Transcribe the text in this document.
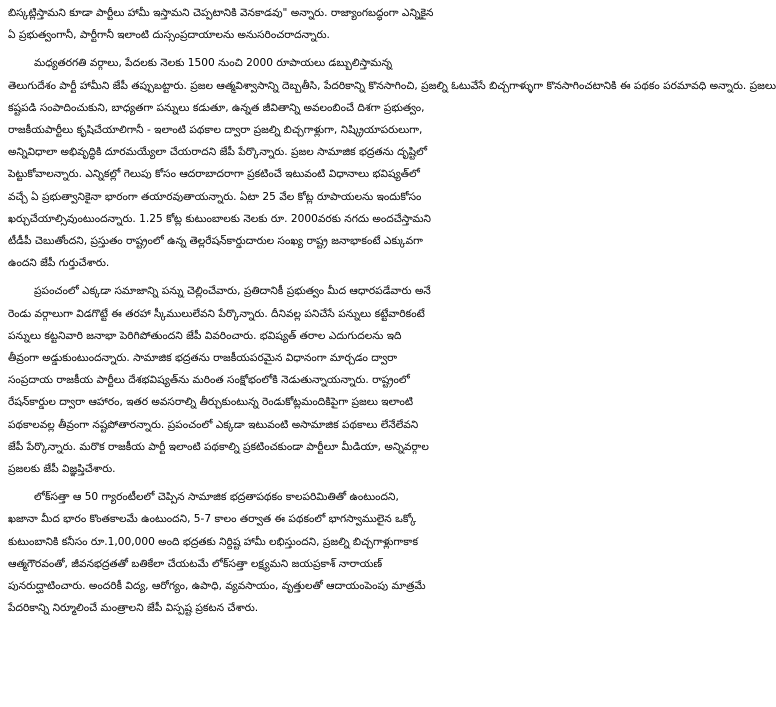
బిస్కట్లిస్తామని కూడా పార్టీలు హామీ ఇస్తామని చెప్పటానికి వెనకాడవు" అన్నారు. రాజ్యాంగబద్ధంగా ఎన్నికైన
ఏ ప్రభుత్వంగానీ, పార్టీగానీ ఇలాంటి దుస్సంప్రదాయాలను అనుసరించరాదన్నారు.
మధ్యతరగతి వర్గాలు, పేదలకు నెలకు 1500 నుంచి 2000 రూపాయలు డబ్బులిస్తామన్న
తెలుగుదేశం పార్టీ హామీని జేపీ తప్పుబట్టారు. ప్రజల ఆత్మవిశ్వాసాన్ని దెబ్బతీసి, పేదరికాన్ని కొనసాగించి, ప్రజల్ని ఓటువేసే బిచ్చగాళ్ళుగా కొనసాగించటానికి ఈ పథకం పరమావధి అన్నారు. ప్రజలు
కష్టపడి సంపాదించుకుని, బాధ్యతగా పన్నులు కడుతూ, ఉన్నత జీవితాన్ని అవలంబించే దిశగా ప్రభుత్వం,
రాజకీయపార్టీలు కృషిచేయాలిగానీ - ఇలాంటి పథకాల ద్వారా ప్రజల్ని బిచ్చగాళ్లుగా, నిష్క్రియాపరులుగా,
అన్నివిధాలా అభివృద్ధికి దూరమయ్యేలా చేయరాదని జేపీ పేర్కొన్నారు. ప్రజల సామాజిక భద్రతను దృష్టిలో
పెట్టుకోవాలన్నారు. ఎన్నికల్లో గెలుపు కోసం ఆదరాబాదరాగా ప్రకటించే ఇటువంటి విధానాలు భవిష్యత్‌లో
వచ్చే ఏ ప్రభుత్వానికైనా భారంగా తయారవుతాయన్నారు. ఏటా 25 వేల కోట్ల రూపాయలను ఇందుకోసం
ఖర్చుచేయాల్సివుంటుందన్నారు. 1.25 కోట్ల కుటుంబాలకు నెలకు రూ. 2000వరకు నగదు అందచేస్తామని
టీడీపీ చెబుతోందని, ప్రస్తుతం రాష్ట్రంలో ఉన్న తెల్లరేషన్‌కార్డుదారుల సంఖ్య రాష్ట్ర జనాభాకంటే ఎక్కువగా
ఉందని జేపీ గుర్తుచేశారు.
ప్రపంచంలో ఎక్కడా సమాజాన్ని పన్ను చెల్లించేవారు, ప్రతిదానికీ ప్రభుత్వం మీద ఆధారపడేవారు అనే
రెండు వర్గాలుగా విడగొట్టే ఈ తరహా స్కీములులేవని పేర్కొన్నారు. దీనివల్ల పనిచేసే పన్నులు కట్టేవారికంటే
పన్నులు కట్టనివారి జనాభా పెరిగిపోతుందని జేపీ వివరించారు. భవిష్యత్ తరాల ఎదుగుదలను ఇది
తీవ్రంగా అడ్డుకుంటుందన్నారు. సామాజిక భద్రతను రాజకీయపరమైన విధానంగా మార్చడం ద్వారా
సంప్రదాయ రాజకీయ పార్టీలు దేశభవిష్యత్‌ను మరింత సంక్షోభంలోకి నెడుతున్నాయన్నారు. రాష్ట్రంలో
రేషన్‌కార్డుల ద్వారా ఆహారం, ఇతర అవసరాల్ని తీర్చుకుంటున్న రెండుకోట్లమందికిపైగా ప్రజలు ఇలాంటి
పథకాలవల్ల తీవ్రంగా నష్టపోతారన్నారు. ప్రపంచంలో ఎక్కడా ఇటువంటి అసామాజిక పథకాలు లేనేలేవని
జేపీ పేర్కొన్నారు. మరొక రాజకీయ పార్టీ ఇలాంటి పథకాల్ని ప్రకటించకుండా పార్టీలూ మీడియా, అన్నివర్గాల
ప్రజలకు జేపీ విజ్ఞప్తిచేశారు.
లోక్‌సత్తా ఆ 50 గ్యారంటీలలో చెప్పిన సామాజిక భద్రతాపథకం కాలపరిమితితో ఉంటుందని,
ఖజానా మీద భారం కొంతకాలమే ఉంటుందని, 5-7 కాలం తర్వాత ఈ పథకంలో భాగస్వాములైన ఒక్కో
కుటుంబానికి కనీసం రూ.1,00,000 అంది భద్రతకు నిర్దిష్ట హామీ లభిస్తుందని, ప్రజల్ని బిచ్చగాళ్లుగాకాక
ఆత్మగౌరవంతో, జీవనభద్రతతో బతికేలా చేయటమే లోక్‌సత్తా లక్ష్యమని జయప్రకాశ్ నారాయణ్
పునరుద్ఘాటించారు. అందరికీ విద్య, ఆరోగ్యం, ఉపాధి, వ్యవసాయం, వృత్తులతో ఆదాయంపెంపు మాత్రమే
పేదరికాన్ని నిర్మూలించే మంత్రాలని జేపీ విస్పష్ట ప్రకటన చేశారు.
